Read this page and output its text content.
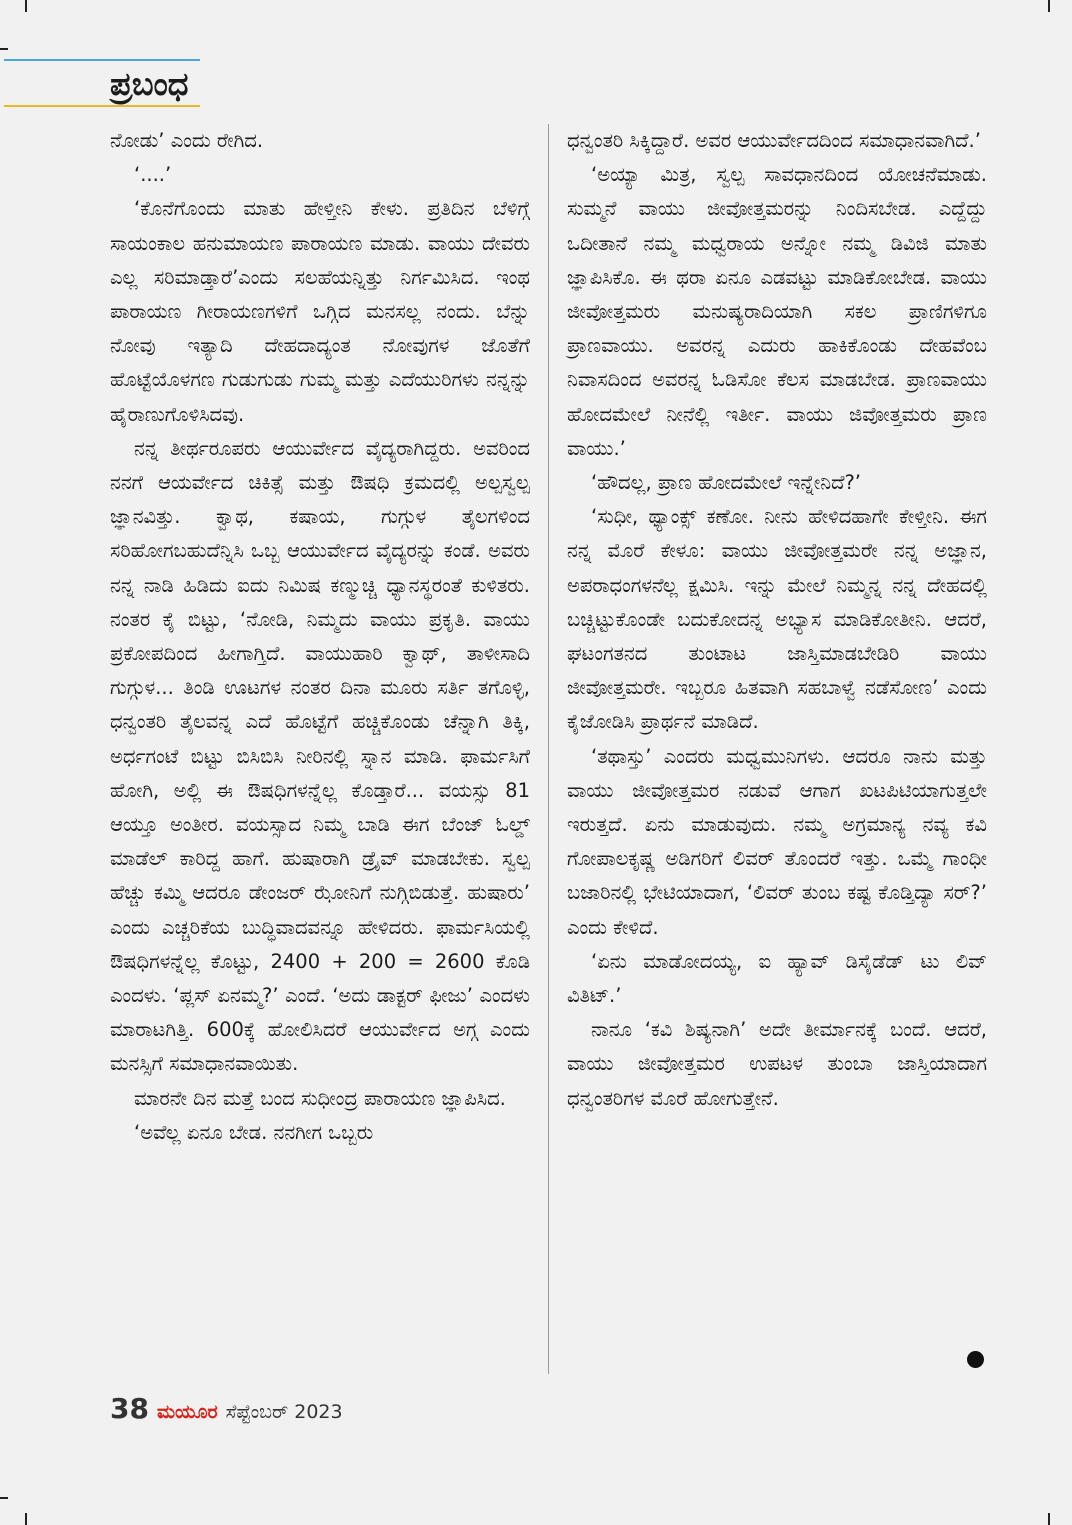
ಪ್ರಬಂಧ

ನೋಡು’ ಎಂದು ರೇಗಿದ.

‘....’

‘ಕೊನೆಗೊಂದು ಮಾತು ಹೇಳ್ತೀನಿ ಕೇಳು. ಪ್ರತಿದಿನ ಬೆಳಿಗ್ಗೆ ಸಾಯಂಕಾಲ ಹನುಮಾಯಣ ಪಾರಾಯಣ ಮಾಡು. ವಾಯು ದೇವರು ಎಲ್ಲ ಸರಿಮಾಡ್ತಾರೆ’ಎಂದು ಸಲಹೆಯನ್ನಿತ್ತು ನಿರ್ಗಮಿಸಿದ. ಇಂಥ ಪಾರಾಯಣ ಗೀರಾಯಣಗಳಿಗೆ ಒಗ್ಗಿದ ಮನಸಲ್ಲ ನಂದು. ಬೆನ್ನು ನೋವು ಇತ್ಯಾದಿ ದೇಹದಾದ್ಯಂತ ನೋವುಗಳ ಜೊತೆಗೆ ಹೊಟ್ಟೆಯೊಳಗಣ ಗುಡುಗುಡು ಗುಮ್ಮ ಮತ್ತು ಎದೆಯುರಿಗಳು ನನ್ನನ್ನು ಹೈರಾಣುಗೊಳಿಸಿದವು.

ನನ್ನ ತೀರ್ಥರೂಪರು ಆಯುರ್ವೇದ ವೈದ್ಯರಾಗಿದ್ದರು. ಅವರಿಂದ ನನಗೆ ಆಯರ್ವೇದ ಚಿಕಿತ್ಸೆ ಮತ್ತು ಔಷಧಿ ಕ್ರಮದಲ್ಲಿ ಅಲ್ಪಸ್ವಲ್ಪ ಜ್ಞಾನವಿತ್ತು. ಕ್ವಾಥ, ಕಷಾಯ, ಗುಗ್ಗುಳ ತೈಲಗಳಿಂದ ಸರಿಹೋಗಬಹುದೆನ್ನಿಸಿ ಒಬ್ಬ ಆಯುರ್ವೇದ ವೈದ್ಯರನ್ನು ಕಂಡೆ. ಅವರು ನನ್ನ ನಾಡಿ ಹಿಡಿದು ಐದು ನಿಮಿಷ ಕಣ್ಮುಚ್ಚಿ ಧ್ಯಾನಸ್ಥರಂತೆ ಕುಳಿತರು. ನಂತರ ಕೈ ಬಿಟ್ಟು, ‘ನೋಡಿ, ನಿಮ್ಮದು ವಾಯು ಪ್ರಕೃತಿ. ವಾಯು ಪ್ರಕೋಪದಿಂದ ಹೀಗಾಗ್ತಿದೆ. ವಾಯುಹಾರಿ ಕ್ವಾಥ್, ತಾಳೀಸಾದಿ ಗುಗ್ಗುಳ... ತಿಂಡಿ ಊಟಗಳ ನಂತರ ದಿನಾ ಮೂರು ಸರ್ತಿ ತಗೊಳ್ಳಿ, ಧನ್ವಂತರಿ ತೈಲವನ್ನ ಎದೆ ಹೊಟ್ಟೆಗೆ ಹಚ್ಚಿಕೊಂಡು ಚೆನ್ನಾಗಿ ತಿಕ್ಕಿ, ಅರ್ಧಗಂಟೆ ಬಿಟ್ಟು ಬಿಸಿಬಿಸಿ ನೀರಿನಲ್ಲಿ ಸ್ನಾನ ಮಾಡಿ. ಫಾರ್ಮಸಿಗೆ ಹೋಗಿ, ಅಲ್ಲಿ ಈ ಔಷಧಿಗಳನ್ನೆಲ್ಲ ಕೊಡ್ತಾರೆ... ವಯಸ್ಸು 81 ಆಯ್ತೂ ಅಂತೀರ. ವಯಸ್ಸಾದ ನಿಮ್ಮ ಬಾಡಿ ಈಗ ಬೆಂಜ್ ಓಲ್ಡ್ ಮಾಡೆಲ್ ಕಾರಿದ್ದ ಹಾಗೆ. ಹುಷಾರಾಗಿ ಡ್ರೈವ್ ಮಾಡಬೇಕು. ಸ್ವಲ್ಪ ಹೆಚ್ಚು ಕಮ್ಮಿ ಆದರೂ ಡೇಂಜರ್ ಝೋನಿಗೆ ನುಗ್ಗಿಬಿಡುತ್ತೆ. ಹುಷಾರು’ ಎಂದು ಎಚ್ಚರಿಕೆಯ ಬುದ್ಧಿವಾದವನ್ನೂ ಹೇಳಿದರು. ಫಾರ್ಮಸಿಯಲ್ಲಿ ಔಷಧಿಗಳನ್ನೆಲ್ಲ ಕೊಟ್ಟು, 2400 + 200 = 2600 ಕೊಡಿ ಎಂದಳು. ‘ಪ್ಲಸ್ ಏನಮ್ಮ?’ ಎಂದೆ. ‘ಅದು ಡಾಕ್ಟರ್ ಫೀಜು’ ಎಂದಳು ಮಾರಾಟಗಿತ್ತಿ. 600ಕ್ಕೆ ಹೋಲಿಸಿದರೆ ಆಯುರ್ವೇದ ಅಗ್ಗ ಎಂದು ಮನಸ್ಸಿಗೆ ಸಮಾಧಾನವಾಯಿತು.

ಮಾರನೇ ದಿನ ಮತ್ತೆ ಬಂದ ಸುಧೀಂದ್ರ ಪಾರಾಯಣ ಜ್ಞಾಪಿಸಿದ.

‘ಅವೆಲ್ಲ ಏನೂ ಬೇಡ. ನನಗೀಗ ಒಬ್ಬರು

ಧನ್ವಂತರಿ ಸಿಕ್ಕಿದ್ದಾರೆ. ಅವರ ಆಯುರ್ವೇದದಿಂದ ಸಮಾಧಾನವಾಗಿದೆ.’

‘ಅಯ್ಯಾ ಮಿತ್ರ, ಸ್ವಲ್ಪ ಸಾವಧಾನದಿಂದ ಯೋಚನೆಮಾಡು. ಸುಮ್ಮನೆ ವಾಯು ಜೀವೋತ್ತಮರನ್ನು ನಿಂದಿಸಬೇಡ. ಎದ್ದೆದ್ದು ಒದೀತಾನೆ ನಮ್ಮ ಮಧ್ವರಾಯ ಅನ್ನೋ ನಮ್ಮ ಡಿವಿಜಿ ಮಾತು ಜ್ಞಾಪಿಸಿಕೊ. ಈ ಥರಾ ಏನೂ ಎಡವಟ್ಟು ಮಾಡಿಕೋಬೇಡ. ವಾಯು ಜೀವೋತ್ತಮರು ಮನುಷ್ಯರಾದಿಯಾಗಿ ಸಕಲ ಪ್ರಾಣಿಗಳಿಗೂ ಪ್ರಾಣವಾಯು. ಅವರನ್ನ ಎದುರು ಹಾಕಿಕೊಂಡು ದೇಹವೆಂಬ ನಿವಾಸದಿಂದ ಅವರನ್ನ ಓಡಿಸೋ ಕೆಲಸ ಮಾಡಬೇಡ. ಪ್ರಾಣವಾಯು ಹೋದಮೇಲೆ ನೀನೆಲ್ಲಿ ಇರ್ತೀ. ವಾಯು ಜಿವೋತ್ತಮರು ಪ್ರಾಣ ವಾಯು.’

‘ಹೌದಲ್ಲ, ಪ್ರಾಣ ಹೋದಮೇಲೆ ಇನ್ನೇನಿದೆ?’

‘ಸುಧೀ, ಥ್ಯಾಂಕ್ಸ್ ಕಣೋ. ನೀನು ಹೇಳಿದಹಾಗೇ ಕೇಳ್ತೀನಿ. ಈಗ ನನ್ನ ಮೊರೆ ಕೇಳೂ: ವಾಯು ಜೀವೋತ್ತಮರೇ ನನ್ನ ಅಜ್ಞಾನ, ಅಪರಾಧಂಗಳನೆಲ್ಲ ಕ್ಷಮಿಸಿ. ಇನ್ನು ಮೇಲೆ ನಿಮ್ಮನ್ನ ನನ್ನ ದೇಹದಲ್ಲಿ ಬಚ್ಚಿಟ್ಟುಕೊಂಡೇ ಬದುಕೋದನ್ನ ಅಭ್ಯಾಸ ಮಾಡಿಕೋತೀನಿ. ಆದರೆ, ಘಟಂಗತನದ ತುಂಟಾಟ ಜಾಸ್ತಿಮಾಡಬೇಡಿರಿ ವಾಯು ಜೀವೋತ್ತಮರೇ. ಇಬ್ಬರೂ ಹಿತವಾಗಿ ಸಹಬಾಳ್ವೆ ನಡೆಸೋಣ’ ಎಂದು ಕೈಜೋಡಿಸಿ ಪ್ರಾರ್ಥನೆ ಮಾಡಿದೆ.

‘ತಥಾಸ್ತು’ ಎಂದರು ಮಧ್ವಮುನಿಗಳು. ಆದರೂ ನಾನು ಮತ್ತು ವಾಯು ಜೀವೋತ್ತಮರ ನಡುವೆ ಆಗಾಗ ಖಟಪಿಟಿಯಾಗುತ್ತಲೇ ಇರುತ್ತದೆ. ಏನು ಮಾಡುವುದು. ನಮ್ಮ ಅಗ್ರಮಾನ್ಯ ನವ್ಯ ಕವಿ ಗೋಪಾಲಕೃಷ್ಣ ಅಡಿಗರಿಗೆ ಲಿವರ್ ತೊಂದರೆ ಇತ್ತು. ಒಮ್ಮೆ ಗಾಂಧೀ ಬಜಾರಿನಲ್ಲಿ ಭೇಟಿಯಾದಾಗ, ‘ಲಿವರ್ ತುಂಬ ಕಷ್ಟ ಕೊಡ್ತಿದ್ಯಾ ಸರ್?’ ಎಂದು ಕೇಳಿದೆ.

‘ಏನು ಮಾಡೋದಯ್ಯ, ಐ ಹ್ಯಾವ್ ಡಿಸೈಡೆಡ್ ಟು ಲಿವ್ ವಿತಿಟ್.’

ನಾನೂ ‘ಕವಿ ಶಿಷ್ಯನಾಗಿ’ ಅದೇ ತೀರ್ಮಾನಕ್ಕೆ ಬಂದೆ. ಆದರೆ, ವಾಯು ಜೀವೋತ್ತಮರ ಉಪಟಳ ತುಂಬಾ ಜಾಸ್ತಿಯಾದಾಗ ಧನ್ವಂತರಿಗಳ ಮೊರೆ ಹೋಗುತ್ತೇನೆ.

38 ಮಯೂರ ಸೆಪ್ಟೆಂಬರ್ 2023
